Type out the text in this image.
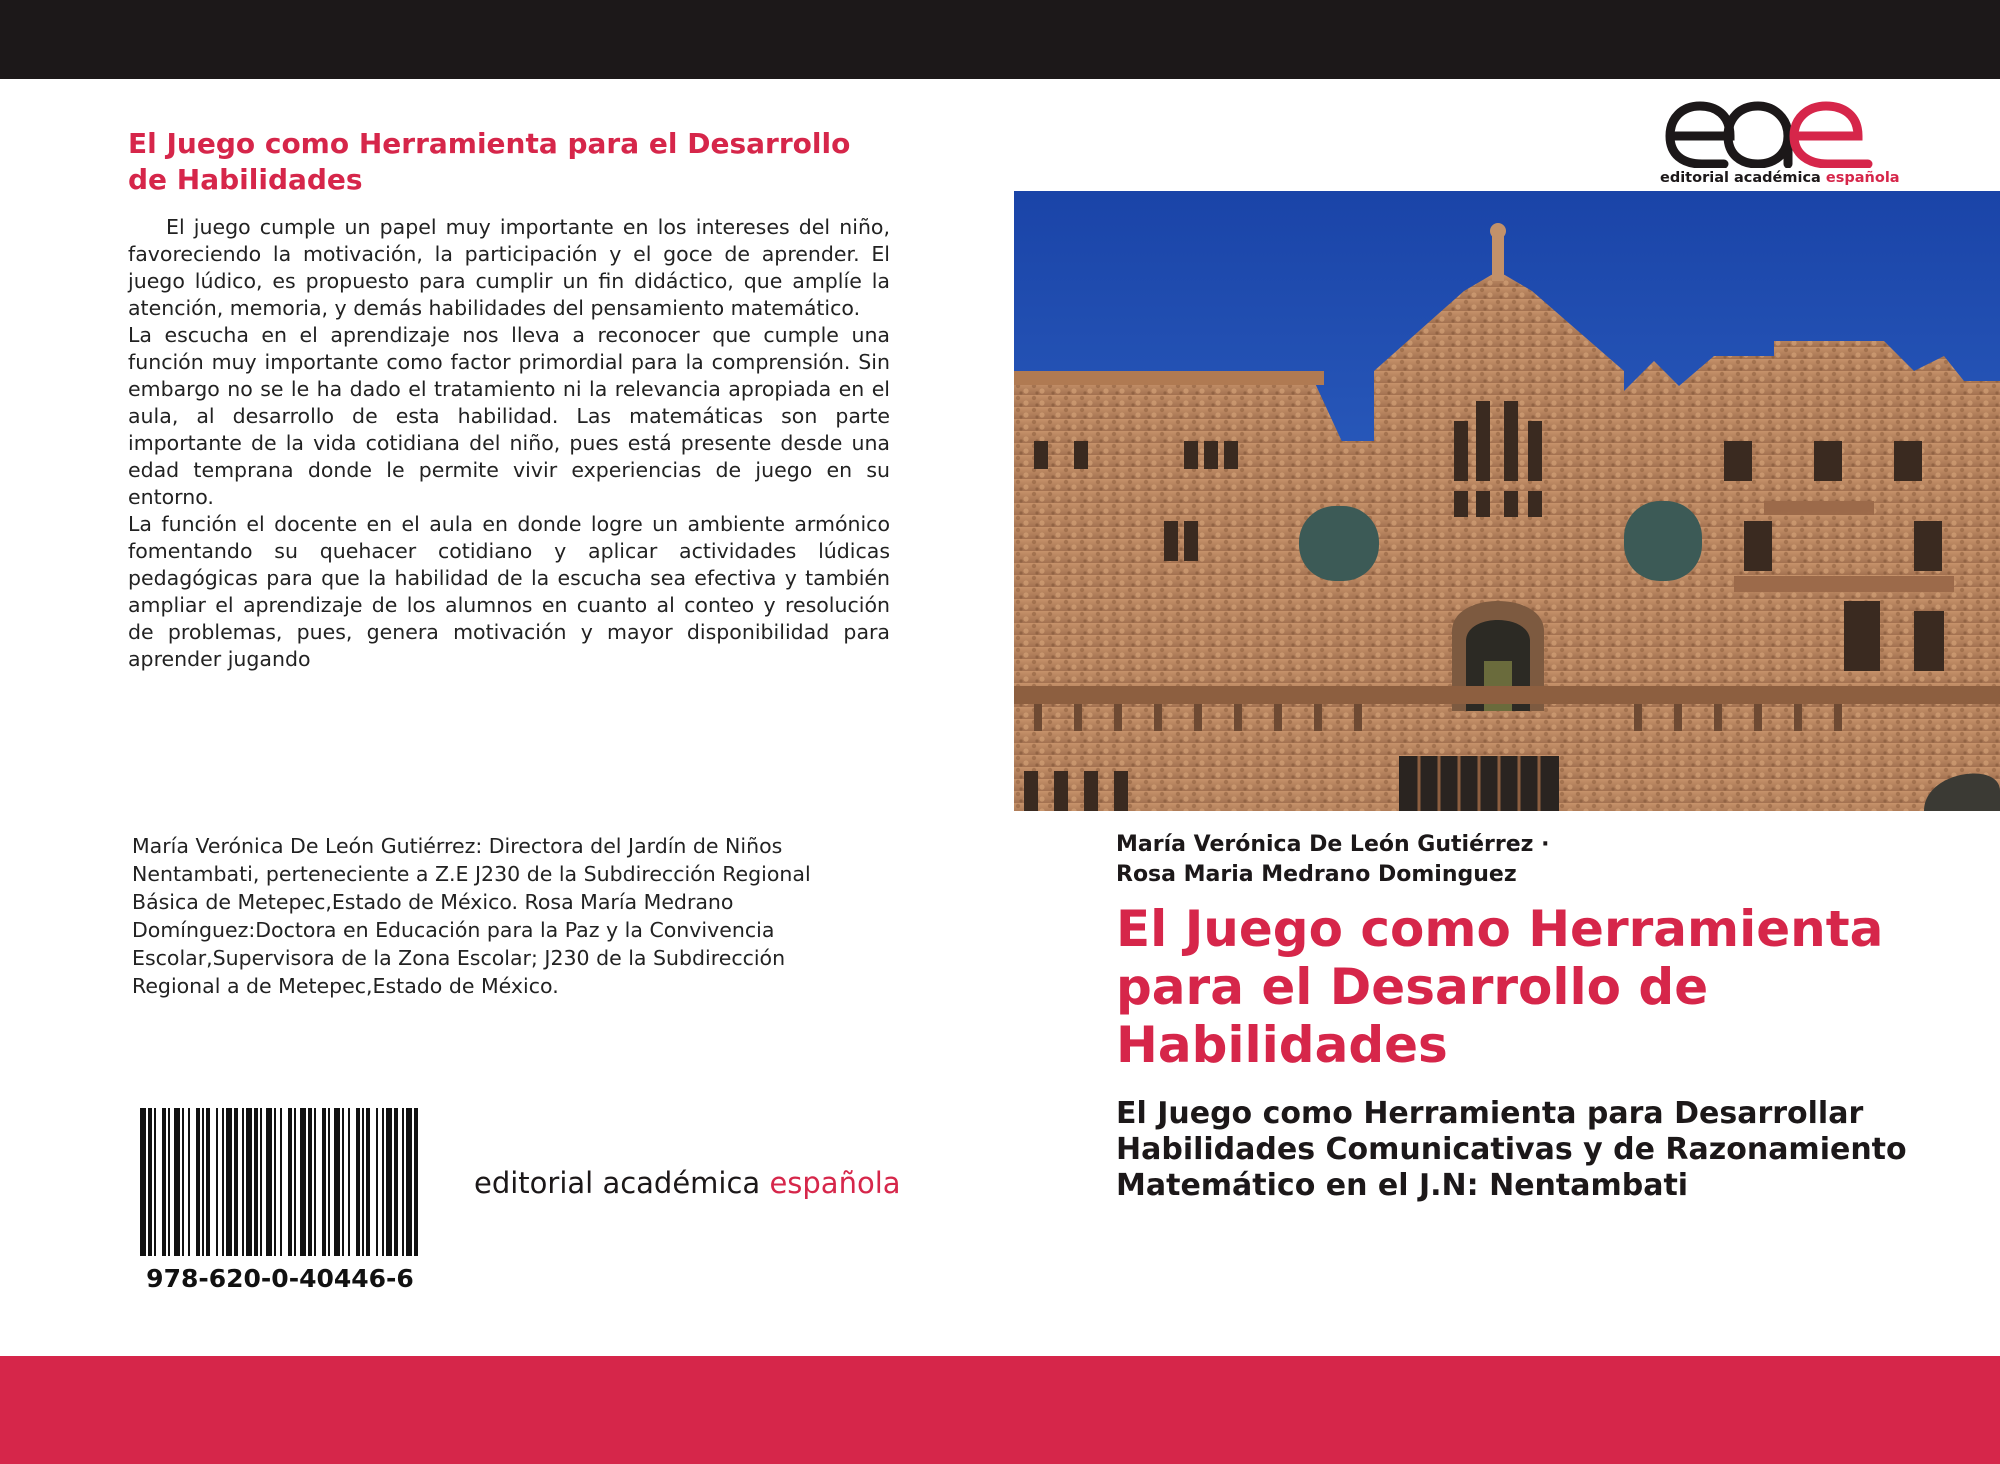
El Juego como Herramienta para el Desarrollo de Habilidades

El juego cumple un papel muy importante en los intereses del niño, favoreciendo la motivación, la participación y el goce de aprender. El juego lúdico, es propuesto para cumplir un fin didáctico, que amplíe la atención, memoria, y demás habilidades del pensamiento matemático.

La escucha en el aprendizaje nos lleva a reconocer que cumple una función muy importante como factor primordial para la comprensión. Sin embargo no se le ha dado el tratamiento ni la relevancia apropiada en el aula, al desarrollo de esta habilidad. Las matemáticas son parte importante de la vida cotidiana del niño, pues está presente desde una edad temprana donde le permite vivir experiencias de juego en su entorno.

La función el docente en el aula en donde logre un ambiente armónico fomentando su quehacer cotidiano y aplicar actividades lúdicas pedagógicas para que la habilidad de la escucha sea efectiva y también ampliar el aprendizaje de los alumnos en cuanto al conteo y resolución de problemas, pues, genera motivación y mayor disponibilidad para aprender jugando

María Verónica De León Gutiérrez: Directora del Jardín de Niños Nentambati, perteneciente a Z.E J230 de la Subdirección Regional Básica de Metepec,Estado de México. Rosa María Medrano Domínguez:Doctora en Educación para la Paz y la Convivencia Escolar,Supervisora de la Zona Escolar; J230 de la Subdirección Regional a de Metepec,Estado de México.
978-620-0-40446-6
editorial académica española
editorial académica española
María Verónica De León Gutiérrez ·
Rosa Maria Medrano Dominguez
El Juego como Herramienta para el Desarrollo de Habilidades
El Juego como Herramienta para Desarrollar Habilidades Comunicativas y de Razonamiento Matemático en el J.N: Nentambati
